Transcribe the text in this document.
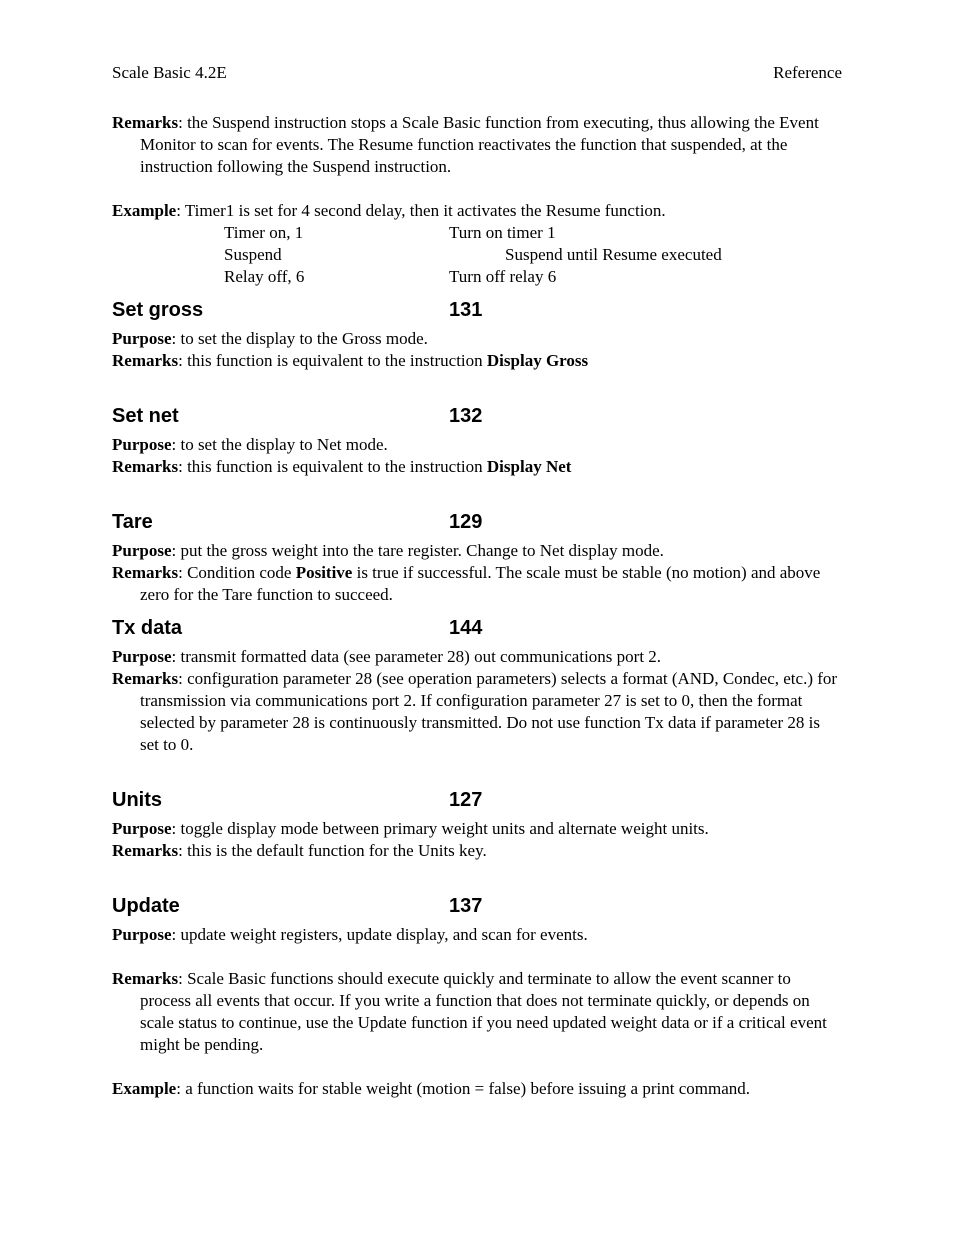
Scale Basic 4.2E	Reference

Remarks: the Suspend instruction stops a Scale Basic function from executing, thus allowing the Event Monitor to scan for events. The Resume function reactivates the function that suspended, at the instruction following the Suspend instruction.

Example: Timer1 is set for 4 second delay, then it activates the Resume function.

Timer on, 1	Turn on timer 1
Suspend	Suspend until Resume executed
Relay off, 6	Turn off relay 6
Set gross	131

Purpose: to set the display to the Gross mode.

Remarks: this function is equivalent to the instruction Display Gross

Set net	132

Purpose: to set the display to Net mode.

Remarks: this function is equivalent to the instruction Display Net

Tare	129

Purpose: put the gross weight into the tare register. Change to Net display mode.

Remarks: Condition code Positive is true if successful. The scale must be stable (no motion) and above zero for the Tare function to succeed.

Tx data	144

Purpose: transmit formatted data (see parameter 28) out communications port 2.

Remarks: configuration parameter 28 (see operation parameters) selects a format (AND, Condec, etc.) for transmission via communications port 2. If configuration parameter 27 is set to 0, then the format selected by parameter 28 is continuously transmitted. Do not use function Tx data if parameter 28 is set to 0.

Units	127

Purpose: toggle display mode between primary weight units and alternate weight units.

Remarks: this is the default function for the Units key.

Update	137

Purpose: update weight registers, update display, and scan for events.

Remarks: Scale Basic functions should execute quickly and terminate to allow the event scanner to process all events that occur. If you write a function that does not terminate quickly, or depends on scale status to continue, use the Update function if you need updated weight data or if a critical event might be pending.

Example: a function waits for stable weight (motion = false) before issuing a print command.
